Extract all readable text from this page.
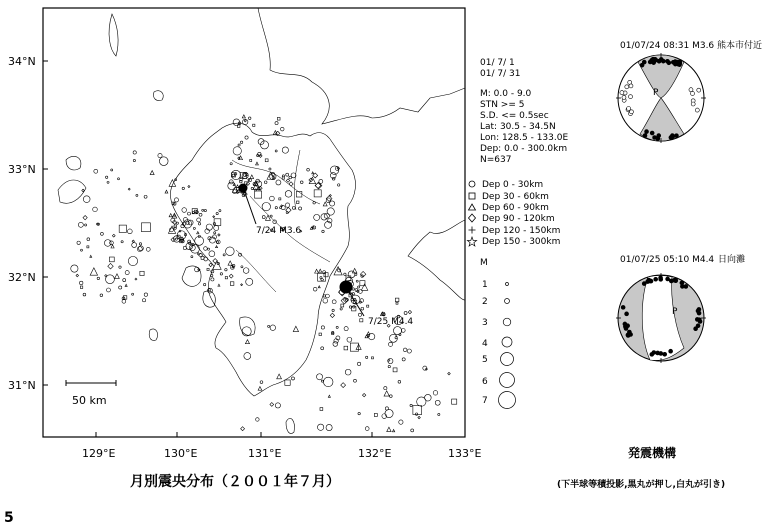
34°N
33°N
32°N
31°N
129°E	130°E	131°E	132°E	133°E
50 km
7/24 M3.6
7/25 M4.4
01/ 7/ 1
01/ 7/ 31
M: 0.0 - 9.0
STN >= 5
S.D. <= 0.5sec
Lat: 30.5 - 34.5N
Lon: 128.5 - 133.0E
Dep: 0.0 - 300.0km
N=637
Dep 0 - 30km
Dep 30 - 60km
Dep 60 - 90km
Dep 90 - 120km
Dep 120 - 150km
Dep 150 - 300km
M
1
2
3
4
5
6
7
01/07/24 08:31 M3.6 熊本市付近
P
01/07/25 05:10 M4.4 日向灘
P
月別震央分布（２００１年７月）
発震機構
(下半球等積投影,黒丸が押し,白丸が引き)
5
